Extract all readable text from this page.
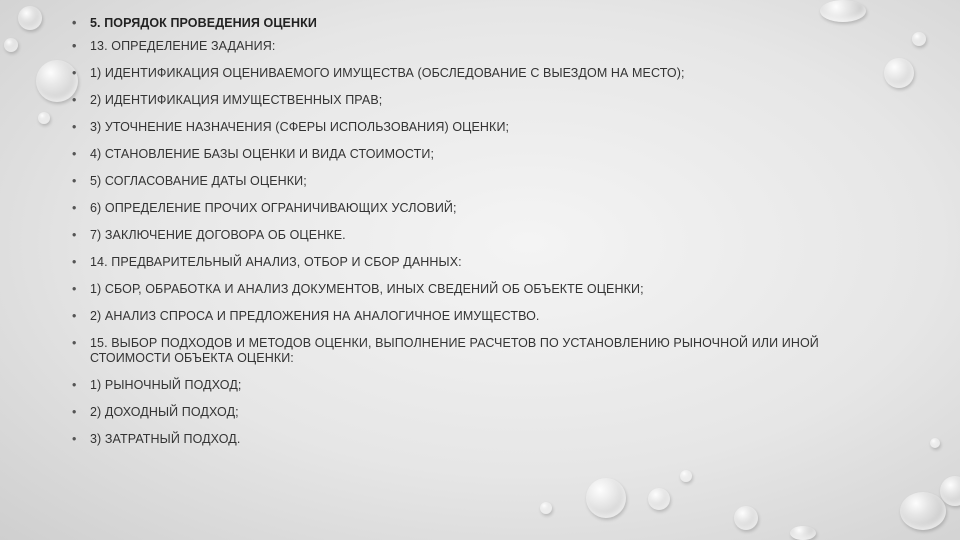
• 5. ПОРЯДОК ПРОВЕДЕНИЯ ОЦЕНКИ
• 13. ОПРЕДЕЛЕНИЕ ЗАДАНИЯ:
• 1) ИДЕНТИФИКАЦИЯ ОЦЕНИВАЕМОГО ИМУЩЕСТВА (ОБСЛЕДОВАНИЕ С ВЫЕЗДОМ НА МЕСТО);
• 2) ИДЕНТИФИКАЦИЯ ИМУЩЕСТВЕННЫХ ПРАВ;
• 3) УТОЧНЕНИЕ НАЗНАЧЕНИЯ (СФЕРЫ ИСПОЛЬЗОВАНИЯ) ОЦЕНКИ;
• 4) СТАНОВЛЕНИЕ БАЗЫ ОЦЕНКИ И ВИДА СТОИМОСТИ;
• 5) СОГЛАСОВАНИЕ ДАТЫ ОЦЕНКИ;
• 6) ОПРЕДЕЛЕНИЕ ПРОЧИХ ОГРАНИЧИВАЮЩИХ УСЛОВИЙ;
• 7) ЗАКЛЮЧЕНИЕ ДОГОВОРА ОБ ОЦЕНКЕ.
• 14. ПРЕДВАРИТЕЛЬНЫЙ АНАЛИЗ, ОТБОР И СБОР ДАННЫХ:
• 1) СБОР, ОБРАБОТКА И АНАЛИЗ ДОКУМЕНТОВ, ИНЫХ СВЕДЕНИЙ ОБ ОБЪЕКТЕ ОЦЕНКИ;
• 2) АНАЛИЗ СПРОСА И ПРЕДЛОЖЕНИЯ НА АНАЛОГИЧНОЕ ИМУЩЕСТВО.
• 15. ВЫБОР ПОДХОДОВ И МЕТОДОВ ОЦЕНКИ, ВЫПОЛНЕНИЕ РАСЧЕТОВ ПО УСТАНОВЛЕНИЮ РЫНОЧНОЙ ИЛИ ИНОЙ СТОИМОСТИ ОБЪЕКТА ОЦЕНКИ:
• 1) РЫНОЧНЫЙ ПОДХОД;
• 2) ДОХОДНЫЙ ПОДХОД;
• 3) ЗАТРАТНЫЙ ПОДХОД.
